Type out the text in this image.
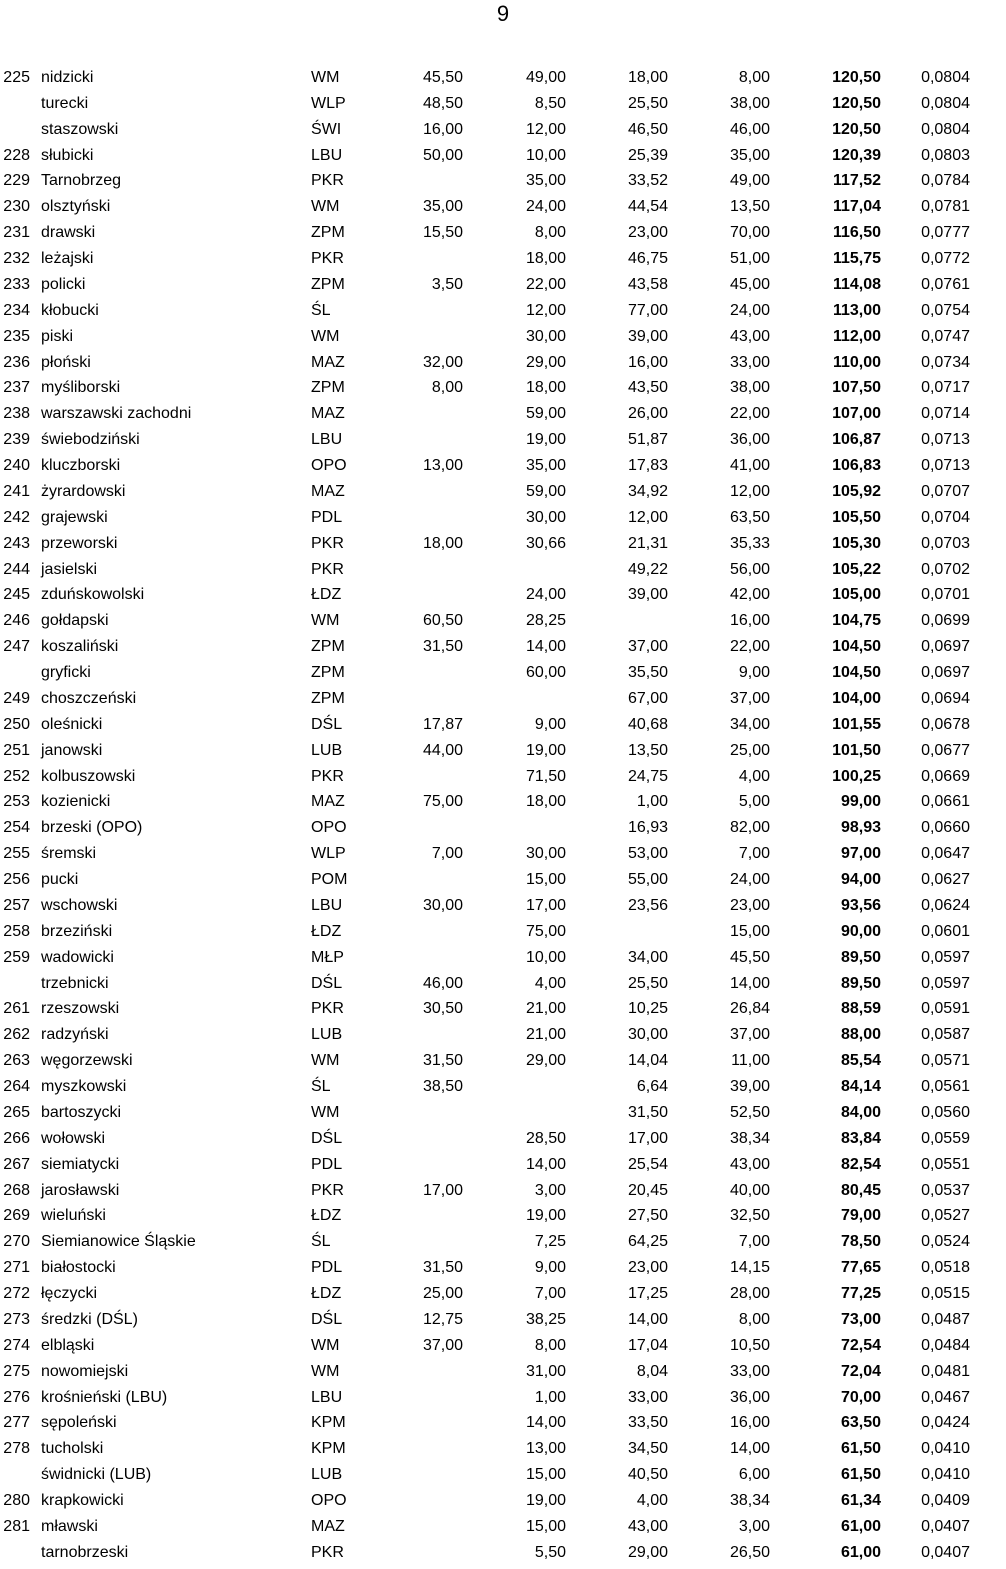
9
225	nidzicki	WM	45,50	49,00	18,00	8,00	120,50	0,0804
	turecki	WLP	48,50	8,50	25,50	38,00	120,50	0,0804
	staszowski	ŚWI	16,00	12,00	46,50	46,00	120,50	0,0804
228	słubicki	LBU	50,00	10,00	25,39	35,00	120,39	0,0803
229	Tarnobrzeg	PKR		35,00	33,52	49,00	117,52	0,0784
230	olsztyński	WM	35,00	24,00	44,54	13,50	117,04	0,0781
231	drawski	ZPM	15,50	8,00	23,00	70,00	116,50	0,0777
232	leżajski	PKR		18,00	46,75	51,00	115,75	0,0772
233	policki	ZPM	3,50	22,00	43,58	45,00	114,08	0,0761
234	kłobucki	ŚL		12,00	77,00	24,00	113,00	0,0754
235	piski	WM		30,00	39,00	43,00	112,00	0,0747
236	płoński	MAZ	32,00	29,00	16,00	33,00	110,00	0,0734
237	myśliborski	ZPM	8,00	18,00	43,50	38,00	107,50	0,0717
238	warszawski zachodni	MAZ		59,00	26,00	22,00	107,00	0,0714
239	świebodziński	LBU		19,00	51,87	36,00	106,87	0,0713
240	kluczborski	OPO	13,00	35,00	17,83	41,00	106,83	0,0713
241	żyrardowski	MAZ		59,00	34,92	12,00	105,92	0,0707
242	grajewski	PDL		30,00	12,00	63,50	105,50	0,0704
243	przeworski	PKR	18,00	30,66	21,31	35,33	105,30	0,0703
244	jasielski	PKR			49,22	56,00	105,22	0,0702
245	zduńskowolski	ŁDZ		24,00	39,00	42,00	105,00	0,0701
246	gołdapski	WM	60,50	28,25		16,00	104,75	0,0699
247	koszaliński	ZPM	31,50	14,00	37,00	22,00	104,50	0,0697
	gryficki	ZPM		60,00	35,50	9,00	104,50	0,0697
249	choszczeński	ZPM			67,00	37,00	104,00	0,0694
250	oleśnicki	DŚL	17,87	9,00	40,68	34,00	101,55	0,0678
251	janowski	LUB	44,00	19,00	13,50	25,00	101,50	0,0677
252	kolbuszowski	PKR		71,50	24,75	4,00	100,25	0,0669
253	kozienicki	MAZ	75,00	18,00	1,00	5,00	99,00	0,0661
254	brzeski (OPO)	OPO			16,93	82,00	98,93	0,0660
255	śremski	WLP	7,00	30,00	53,00	7,00	97,00	0,0647
256	pucki	POM		15,00	55,00	24,00	94,00	0,0627
257	wschowski	LBU	30,00	17,00	23,56	23,00	93,56	0,0624
258	brzeziński	ŁDZ		75,00		15,00	90,00	0,0601
259	wadowicki	MŁP		10,00	34,00	45,50	89,50	0,0597
	trzebnicki	DŚL	46,00	4,00	25,50	14,00	89,50	0,0597
261	rzeszowski	PKR	30,50	21,00	10,25	26,84	88,59	0,0591
262	radzyński	LUB		21,00	30,00	37,00	88,00	0,0587
263	węgorzewski	WM	31,50	29,00	14,04	11,00	85,54	0,0571
264	myszkowski	ŚL	38,50		6,64	39,00	84,14	0,0561
265	bartoszycki	WM			31,50	52,50	84,00	0,0560
266	wołowski	DŚL		28,50	17,00	38,34	83,84	0,0559
267	siemiatycki	PDL		14,00	25,54	43,00	82,54	0,0551
268	jarosławski	PKR	17,00	3,00	20,45	40,00	80,45	0,0537
269	wieluński	ŁDZ		19,00	27,50	32,50	79,00	0,0527
270	Siemianowice Śląskie	ŚL		7,25	64,25	7,00	78,50	0,0524
271	białostocki	PDL	31,50	9,00	23,00	14,15	77,65	0,0518
272	łęczycki	ŁDZ	25,00	7,00	17,25	28,00	77,25	0,0515
273	średzki (DŚL)	DŚL	12,75	38,25	14,00	8,00	73,00	0,0487
274	elbląski	WM	37,00	8,00	17,04	10,50	72,54	0,0484
275	nowomiejski	WM		31,00	8,04	33,00	72,04	0,0481
276	krośnieński (LBU)	LBU		1,00	33,00	36,00	70,00	0,0467
277	sępoleński	KPM		14,00	33,50	16,00	63,50	0,0424
278	tucholski	KPM		13,00	34,50	14,00	61,50	0,0410
	świdnicki (LUB)	LUB		15,00	40,50	6,00	61,50	0,0410
280	krapkowicki	OPO		19,00	4,00	38,34	61,34	0,0409
281	mławski	MAZ		15,00	43,00	3,00	61,00	0,0407
	tarnobrzeski	PKR		5,50	29,00	26,50	61,00	0,0407
